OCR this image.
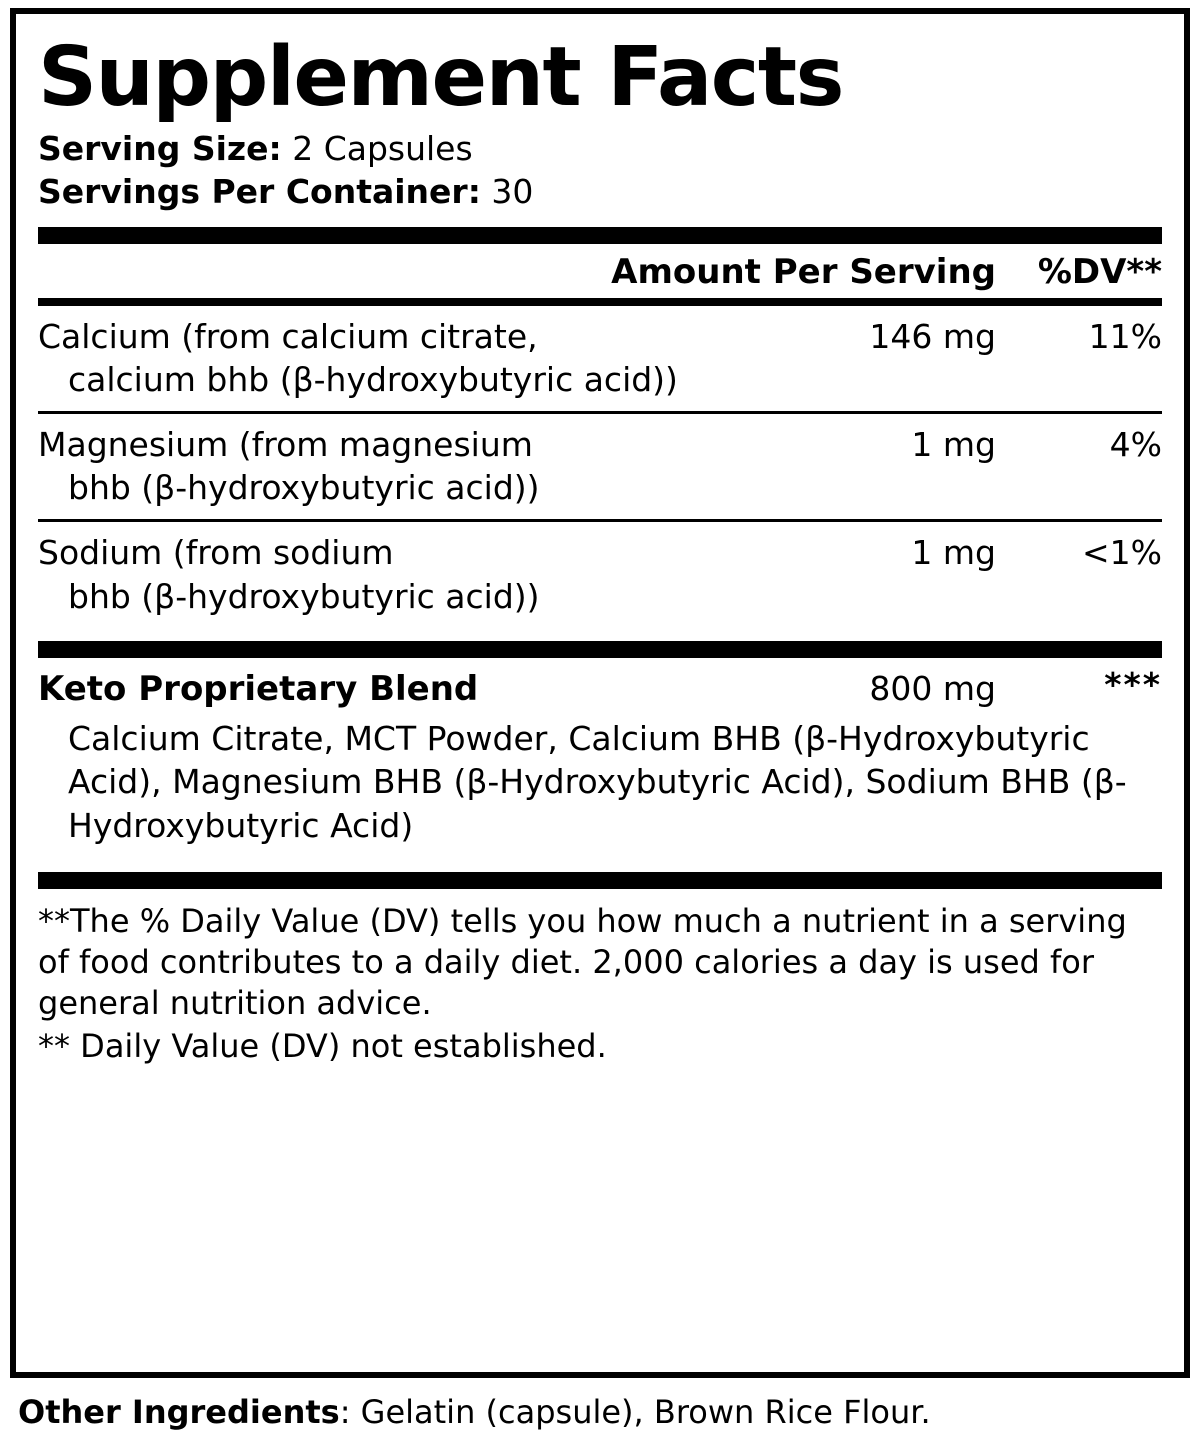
Supplement Facts
Serving Size: 2 Capsules
Servings Per Container: 30
Amount Per Serving	%DV**
Calcium (from calcium citrate,
calcium bhb (β-hydroxybutyric acid))
146 mg	11%
Magnesium (from magnesium
bhb (β-hydroxybutyric acid))
1 mg	4%
Sodium (from sodium
bhb (β-hydroxybutyric acid))
1 mg	<1%
Keto Proprietary Blend	800 mg	***
Calcium Citrate, MCT Powder, Calcium BHB (β-Hydroxybutyric Acid), Magnesium BHB (β-Hydroxybutyric Acid), Sodium BHB (β-Hydroxybutyric Acid)

**The % Daily Value (DV) tells you how much a nutrient in a serving of food contributes to a daily diet. 2,000 calories a day is used for general nutrition advice.

** Daily Value (DV) not established.

Other Ingredients: Gelatin (capsule), Brown Rice Flour.
